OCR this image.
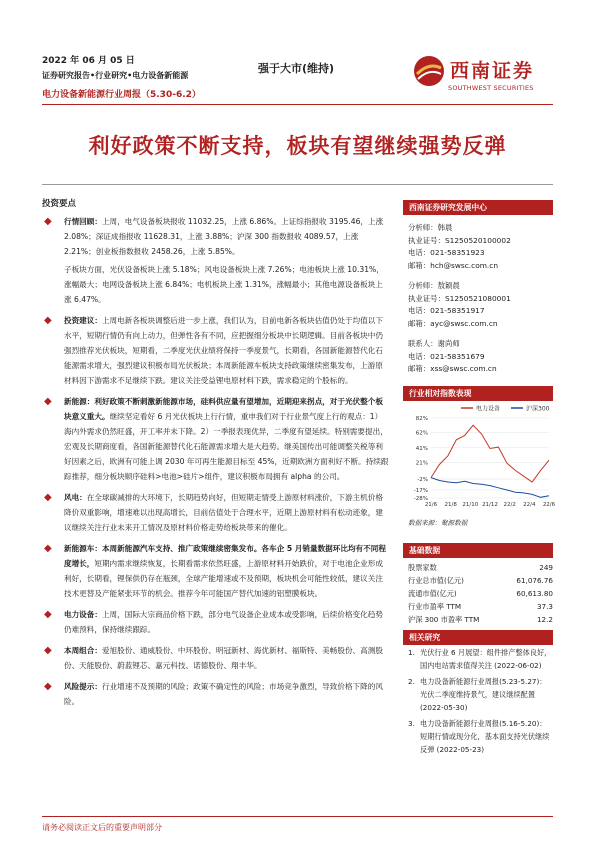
2022 年 06 月 05 日
证券研究报告•行业研究•电力设备新能源
电力设备新能源行业周报（5.30-6.2）
强于大市(维持)	西南证券
SOUTHWEST SECURITIES
利好政策不断支持，板块有望继续强势反弹
投资要点
◆ 行情回顾：上周，电气设备板块报收 11032.25，上涨 6.86%。上证综指报收 3195.46，上涨 2.08%；深证成指报收 11628.31，上涨 3.88%；沪深 300 指数报收 4089.57，上涨 2.21%；创业板指数报收 2458.26，上涨 5.85%。
子板块方面，光伏设备板块上涨 5.18%；风电设备板块上涨 7.26%；电池板块上涨 10.31%，涨幅最大；电网设备板块上涨 6.84%；电机板块上涨 1.31%，涨幅最小；其他电源设备板块上涨 6.47%。
◆ 投资建议：上周电新各板块调整后进一步上涨，我们认为，目前电新各板块估值仍处于均值以下水平，短期行情仍有向上动力，但弹性各有不同，应把握细分板块中长期逻辑。目前各板块中仍强烈推荐光伏板块，短期看，二季度光伏业绩将保持一季度景气，长期看，各国新能源替代化石能源需求增大，强烈建议积极布局光伏板块；本周新能源车板块支持政策继续密集发布，上游原材料因下游需求不足继续下跌。建议关注受益锂电原材料下跌，需求稳定的个股标的。
◆ 新能源：利好政策不断刺激新能源市场，硅料供应量有望增加，近期迎来拐点，对于光伏整个板块意义重大。继续坚定看好 6 月光伏板块上行行情，重申我们对于行业景气度上行的观点：1）海内外需求仍然旺盛，开工率并未下降。2）一季报表现优异，二季度有望延续。特别需要提出，宏观及长期商度看，各国新能源替代化石能源需求增大是大趋势。继美国传出可能调整关税等利好因素之后，欧洲有可能上调 2030 年可再生能源目标至 45%，近期欧洲方面利好不断。持续跟踪推荐，细分板块顺序硅料>电池>硅片>组件，建议积极布局拥有 alpha 的公司。
◆ 风电：在全球碳减排的大环境下，长期趋势向好，但短期走情受上游原材料涨价，下游主机价格降价双重影响，增速难以出现高增长，目前估值处于合理水平，近期上游原材料有松动迹象，建议继续关注行业未来开工情况及原材料价格走势给板块带来的催化。
◆ 新能源车：本周新能源汽车支持、推广政策继续密集发布。各车企 5 月销量数据环比均有不同程度增长，短期内需求继续恢复，长期看需求依然旺盛，上游原材料开始跌价，对于电池企业形成利好，长期看，锂保供仍存在瓶颈，全球产能增速或不及预期，板块机会可能性较低，建议关注技术更替及产能紧张环节的机会。推荐今年可能国产替代加速的铝塑膜板块。
◆ 电力设备：上周，国际大宗商品价格下跌，部分电气设备企业成本或受影响，后续价格变化趋势仍难预料，保持继续跟踪。
◆ 本周组合：爱旭股份、通威股份、中环股份、明冠新材、海优新材、福斯特、美畅股份、高测股份、天能股份、蔚蓝锂芯、嘉元科技、诺德股份、翔丰华。
◆ 风险提示：行业增速不及预期的风险；政策不确定性的风险；市场竞争激烈，导致价格下降的风险。
西南证券研究发展中心
分析师：韩晨
执业证号：S1250520100002
电话：021-58351923
邮箱：hch@swsc.com.cn
分析师：敖颖晨
执业证号：S1250521080001
电话：021-58351917
邮箱：ayc@swsc.com.cn
联系人：谢尚师
电话：021-58351679
邮箱：xss@swsc.com.cn
行业相对指数表现
电力设备	沪深300
82%
62%
41%
21%
-2%
-17%
-28%
21/6 21/8 21/10 21/12 22/2 22/4 22/6
数据来源：聚源数据
基础数据
股票家数	249
行业总市值(亿元)	61,076.76
流通市值(亿元)	60,613.80
行业市盈率 TTM	37.3
沪深 300 市盈率 TTM	12.2
相关研究
1. 光伏行业 6 月展望：组件排产整体良好，国内电站需求值得关注 (2022-06-02)
2. 电力设备新能源行业周报(5.23-5.27)：光伏二季度维持景气，建议继续配置 (2022-05-30)
3. 电力设备新能源行业周报(5.16-5.20)：短期行情或现分化，基本面支持光伏继续反弹 (2022-05-23)
请务必阅读正文后的重要声明部分
